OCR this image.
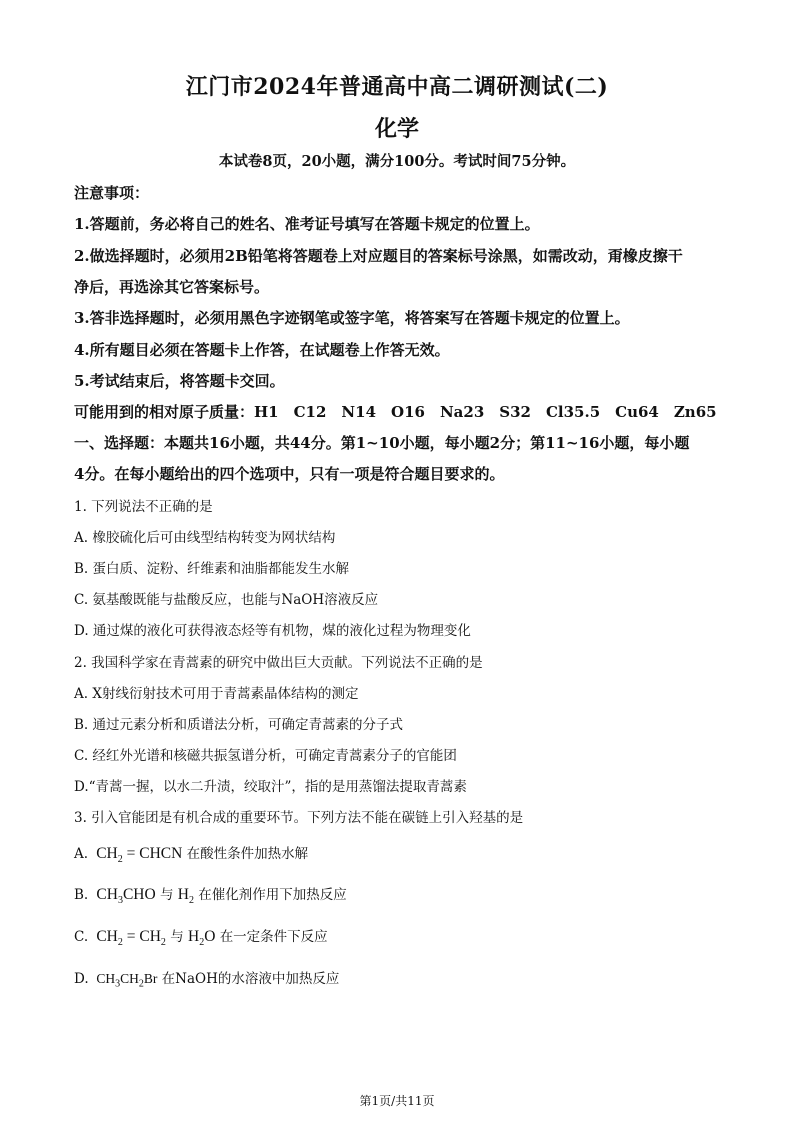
江门市2024年普通高中高二调研测试(二)
化学
本试卷8页，20小题，满分100分。考试时间75分钟。
注意事项：
1.答题前，务必将自己的姓名、准考证号填写在答题卡规定的位置上。
2.做选择题时，必须用2B铅笔将答题卷上对应题目的答案标号涂黑，如需改动，甭橡皮擦干
净后，再选涂其它答案标号。
3.答非选择题时，必须用黑色字迹钢笔或签字笔，将答案写在答题卡规定的位置上。
4.所有题目必须在答题卡上作答，在试题卷上作答无效。
5.考试结束后，将答题卡交回。
可能用到的相对原子质量：H1　C12　N14　O16　Na23　S32　Cl35.5　Cu64　Zn65
一、选择题：本题共16小题，共44分。第1~10小题，每小题2分；第11~16小题，每小题
4分。在每小题给出的四个选项中，只有一项是符合题目要求的。
1. 下列说法不正确的是
A. 橡胶硫化后可由线型结构转变为网状结构
B. 蛋白质、淀粉、纤维素和油脂都能发生水解
C. 氨基酸既能与盐酸反应，也能与NaOH溶液反应
D. 通过煤的液化可获得液态烃等有机物，煤的液化过程为物理变化
2. 我国科学家在青蒿素的研究中做出巨大贡献。下列说法不正确的是
A. X射线衍射技术可用于青蒿素晶体结构的测定
B. 通过元素分析和质谱法分析，可确定青蒿素的分子式
C. 经红外光谱和核磁共振氢谱分析，可确定青蒿素分子的官能团
D.“青蒿一握，以水二升渍，绞取汁”，指的是用蒸馏法提取青蒿素
3. 引入官能团是有机合成的重要环节。下列方法不能在碳链上引入羟基的是
A.  $CH_2$ = CHCN 在酸性条件加热水解
B.  $CH_3CHO$ 与 $H_2$ 在催化剂作用下加热反应
C.  $CH_2 = CH_2$ 与 $H_2O$ 在一定条件下反应
D.  $CH_3CH_2Br$ 在NaOH的水溶液中加热反应
第1页/共11页
